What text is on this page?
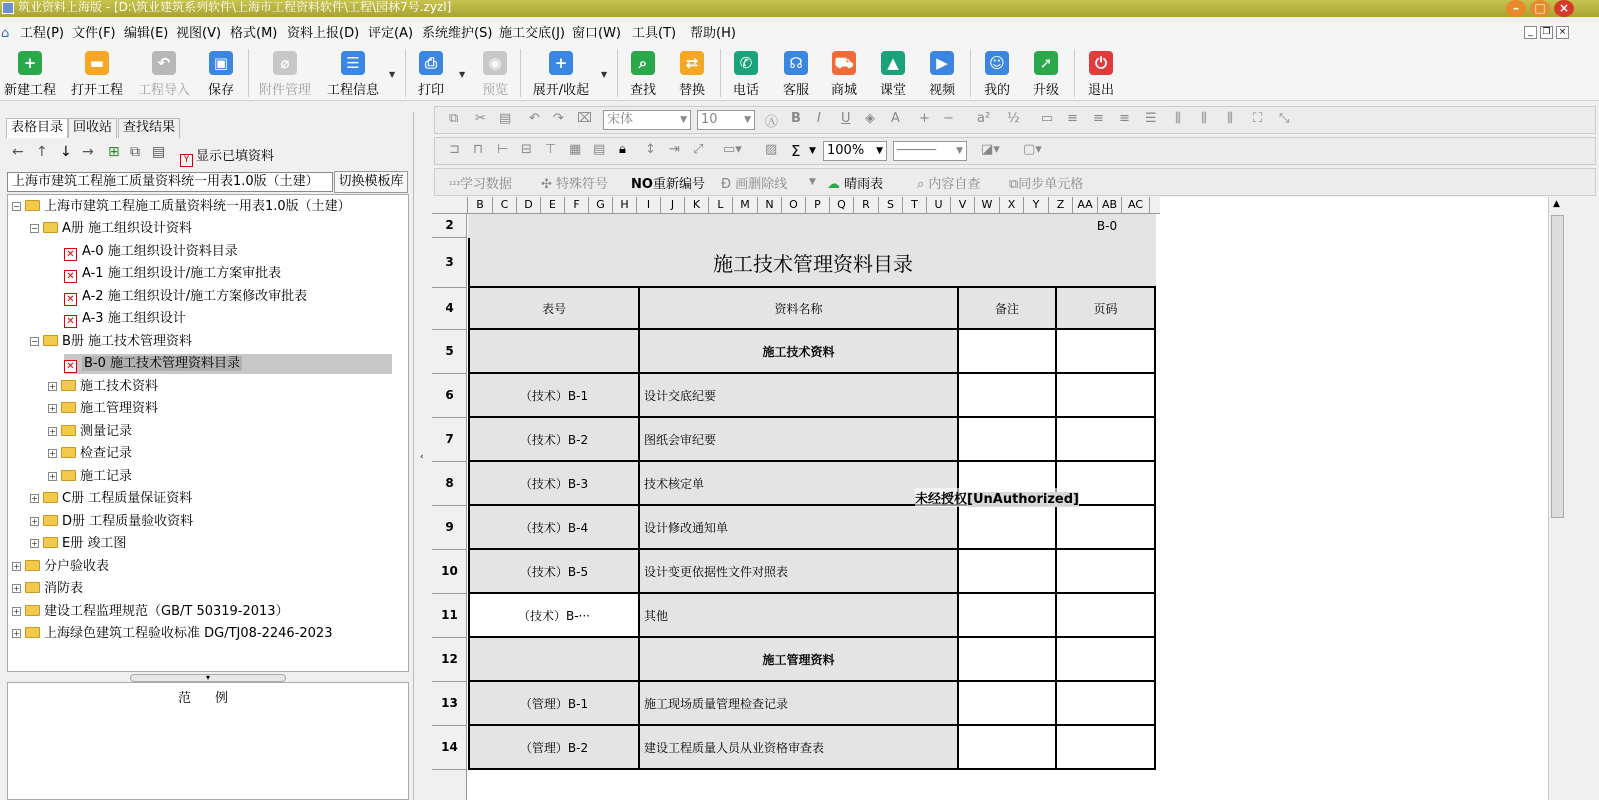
筑业资料上海版 - [D:\筑业建筑系列软件\上海市工程资料软件\工程\园林7号.zyzl]	–	□	×
⌂ 工程(P) 文件(F) 编辑(E) 视图(V) 格式(M) 资料上报(D) 评定(A) 系统维护(S) 施工交底(J) 窗口(W) 工具(T) 帮助(H)	_	❐ ×
+
新建工程
▬
打开工程
↶
工程导入
▣
保存
⌀
附件管理
☰
工程信息
▼
⎙
打印
▼
◉
预览
+
展开/收起
▼
⌕
查找
⇄
替换
✆
电话
☊
客服
⛟
商城
▲
课堂
▶
视频
☺
我的
➚
升级
⏻
退出
表格目录 回收站 查找结果
← ↑ ↓ → ⊞ ⧉ ▤	Y 显示已填资料
上海市建筑工程施工质量资料统一用表1.0版（土建）	切换模板库
− 上海市建筑工程施工质量资料统一用表1.0版（土建）
− A册 施工组织设计资料
✕ A-0 施工组织设计资料目录
✕ A-1 施工组织设计/施工方案审批表
✕ A-2 施工组织设计/施工方案修改审批表
✕ A-3 施工组织设计
− B册 施工技术管理资料
✕ B-0 施工技术管理资料目录
+ 施工技术资料
+ 施工管理资料
+ 测量记录
+ 检查记录
+ 施工记录
+ C册 工程质量保证资料
+ D册 工程质量验收资料
+ E册 竣工图
+ 分户验收表
+ 消防表
+ 建设工程监理规范（GB/T 50319-2013）
+ 上海绿色建筑工程验收标准 DG/TJ08-2246-2023
▾
范例
‹
⧉ ✂ ▤ ↶ ↷ ⌧	宋体	▼	10	▼ Ⓐ B I U ◈ A + − a² ½ ▭ ≡ ≡ ≡ ☰ ⫼ ⫼ ⫼ ⛶ ⤡
⊐ ⊓ ⊢ ⊟ ⊤ ▦ ▤ 🔒︎ ↕ ⇥ ⤢ ▭▾ ▨ Σ ▼ 100% ▼	───── ▼ ◪▾ ▢▾
¹²³学习数据 ✣ 特殊符号 NO重新编号 Ð 画删除线 ▼ ☁ 晴雨表	⌕ 内容自查 ⧉同步单元格
B	C	D	E	F	G	H	I	J	K	L	M	N	O	P	Q	R	S	T	U	V	W	X	Y	Z	AA AB AC
2
3
4
5
6
7
8
9
10
11
12
13
14
B-0
施工技术管理资料目录
表号	资料名称	备注	页码
施工技术资料
（技术）B-1	设计交底纪要
（技术）B-2	图纸会审纪要
（技术）B-3	技术核定单
（技术）B-4	设计修改通知单
（技术）B-5	设计变更依据性文件对照表
（技术）B-···	其他
施工管理资料
（管理）B-1	施工现场质量管理检查记录
（管理）B-2	建设工程质量人员从业资格审查表
未经授权[UnAuthorized]
▲
